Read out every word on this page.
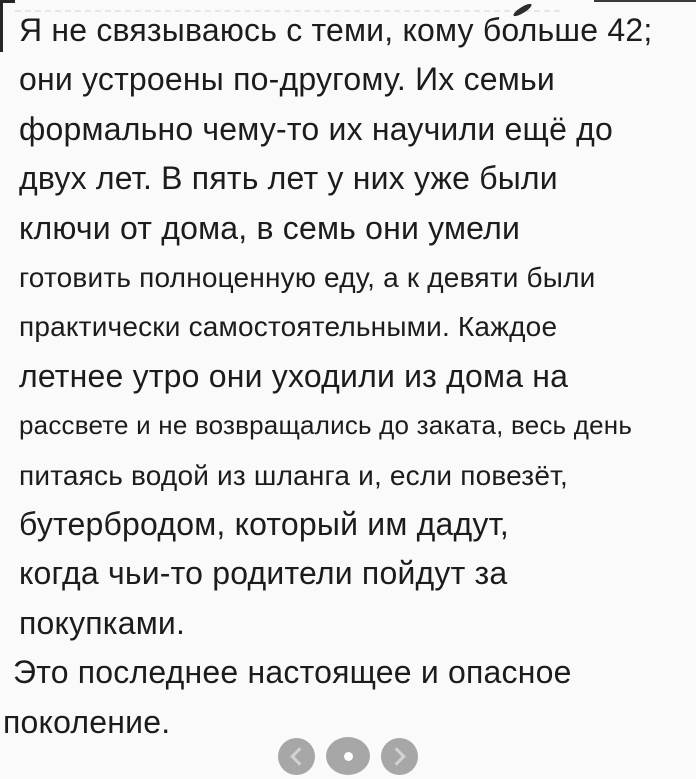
Я не связываюсь с теми, кому больше 42;
они устроены по-другому. Их семьи
формально чему-то их научили ещё до
двух лет. В пять лет у них уже были
ключи от дома, в семь они умели
готовить полноценную еду, а к девяти были
практически самостоятельными. Каждое
летнее утро они уходили из дома на
рассвете и не возвращались до заката, весь день
питаясь водой из шланга и, если повезёт,
бутербродом, который им дадут,
когда чьи-то родители пойдут за
покупками.
Это последнее настоящее и опасное
поколение.
